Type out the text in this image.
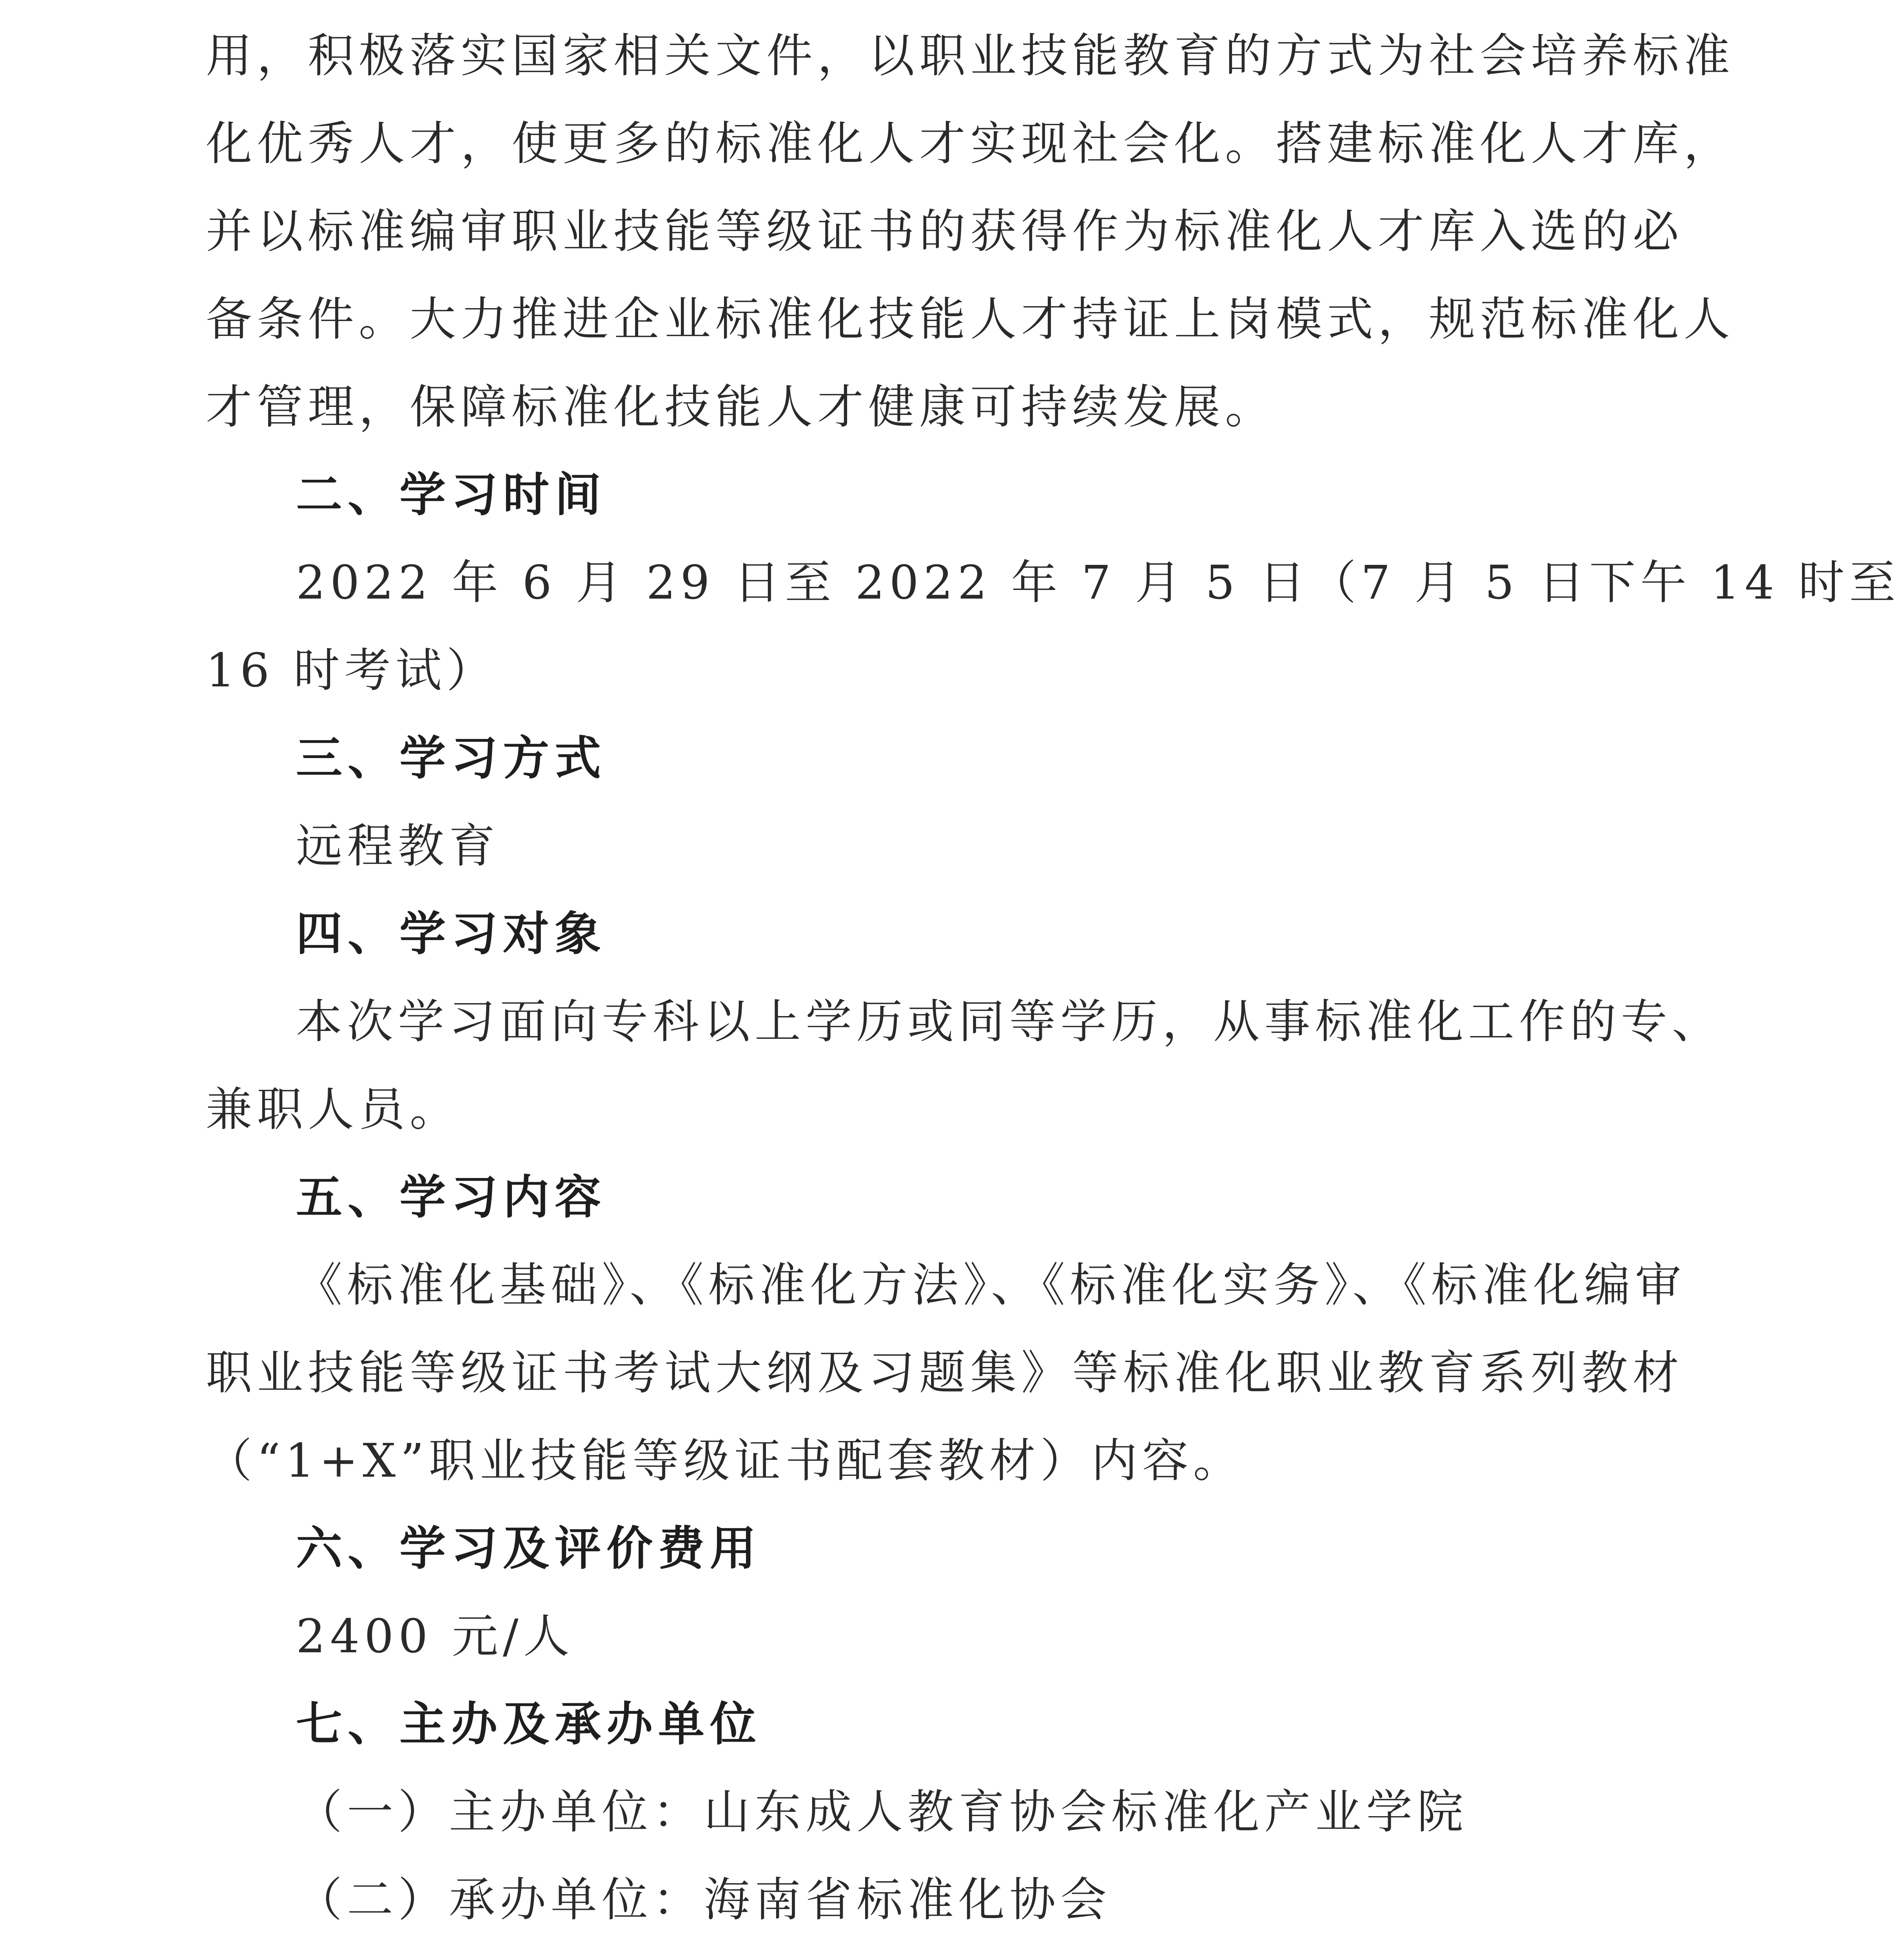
用，积极落实国家相关文件，以职业技能教育的方式为社会培养标准

化优秀人才，使更多的标准化人才实现社会化。搭建标准化人才库，

并以标准编审职业技能等级证书的获得作为标准化人才库入选的必

备条件。大力推进企业标准化技能人才持证上岗模式，规范标准化人

才管理，保障标准化技能人才健康可持续发展。

二、学习时间

2022 年 6 月 29 日至 2022 年 7 月 5 日（7 月 5 日下午 14 时至

16 时考试）

三、学习方式

远程教育

四、学习对象

本次学习面向专科以上学历或同等学历，从事标准化工作的专、

兼职人员。

五、学习内容

《标准化基础》、《标准化方法》、《标准化实务》、《标准化编审

职业技能等级证书考试大纲及习题集》等标准化职业教育系列教材

（“1+X”职业技能等级证书配套教材）内容。

六、学习及评价费用

2400 元/人

七、主办及承办单位

（一）主办单位：山东成人教育协会标准化产业学院

（二）承办单位：海南省标准化协会
